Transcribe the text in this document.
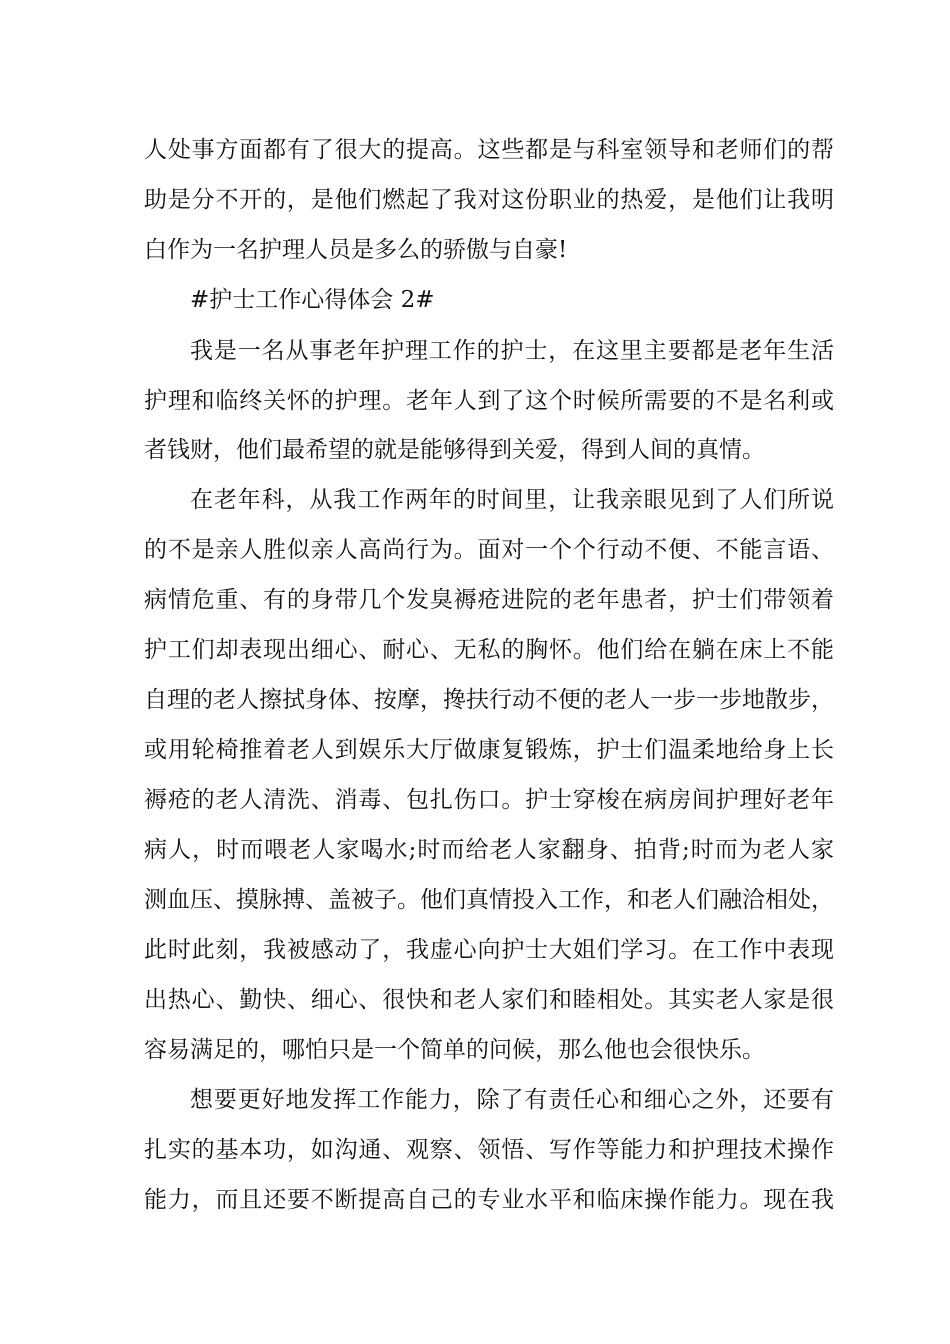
人处事方面都有了很大的提高。这些都是与科室领导和老师们的帮
助是分不开的，是他们燃起了我对这份职业的热爱，是他们让我明
白作为一名护理人员是多么的骄傲与自豪!
#护士工作心得体会 2#
我是一名从事老年护理工作的护士，在这里主要都是老年生活
护理和临终关怀的护理。老年人到了这个时候所需要的不是名利或
者钱财，他们最希望的就是能够得到关爱，得到人间的真情。
在老年科，从我工作两年的时间里，让我亲眼见到了人们所说
的不是亲人胜似亲人高尚行为。面对一个个行动不便、不能言语、
病情危重、有的身带几个发臭褥疮进院的老年患者，护士们带领着
护工们却表现出细心、耐心、无私的胸怀。他们给在躺在床上不能
自理的老人擦拭身体、按摩，搀扶行动不便的老人一步一步地散步，
或用轮椅推着老人到娱乐大厅做康复锻炼，护士们温柔地给身上长
褥疮的老人清洗、消毒、包扎伤口。护士穿梭在病房间护理好老年
病人，时而喂老人家喝水;时而给老人家翻身、拍背;时而为老人家
测血压、摸脉搏、盖被子。他们真情投入工作，和老人们融洽相处，
此时此刻，我被感动了，我虚心向护士大姐们学习。在工作中表现
出热心、勤快、细心、很快和老人家们和睦相处。其实老人家是很
容易满足的，哪怕只是一个简单的问候，那么他也会很快乐。
想要更好地发挥工作能力，除了有责任心和细心之外，还要有
扎实的基本功，如沟通、观察、领悟、写作等能力和护理技术操作
能力，而且还要不断提高自己的专业水平和临床操作能力。现在我
